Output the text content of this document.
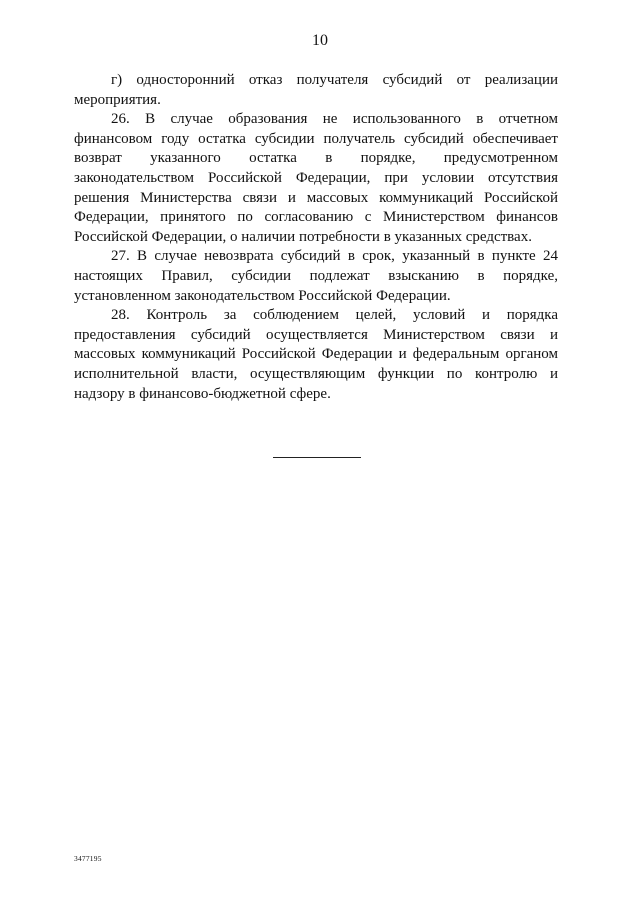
10

г) односторонний отказ получателя субсидий от реализации мероприятия.

26. В случае образования не использованного в отчетном финансовом году остатка субсидии получатель субсидий обеспечивает возврат указанного остатка в порядке, предусмотренном законодательством Российской Федерации, при условии отсутствия решения Министерства связи и массовых коммуникаций Российской Федерации, принятого по согласованию с Министерством финансов Российской Федерации, о наличии потребности в указанных средствах.

27. В случае невозврата субсидий в срок, указанный в пункте 24 настоящих Правил, субсидии подлежат взысканию в порядке, установленном законодательством Российской Федерации.

28. Контроль за соблюдением целей, условий и порядка предоставления субсидий осуществляется Министерством связи и массовых коммуникаций Российской Федерации и федеральным органом исполнительной власти, осуществляющим функции по контролю и надзору в финансово-бюджетной сфере.

3477195
